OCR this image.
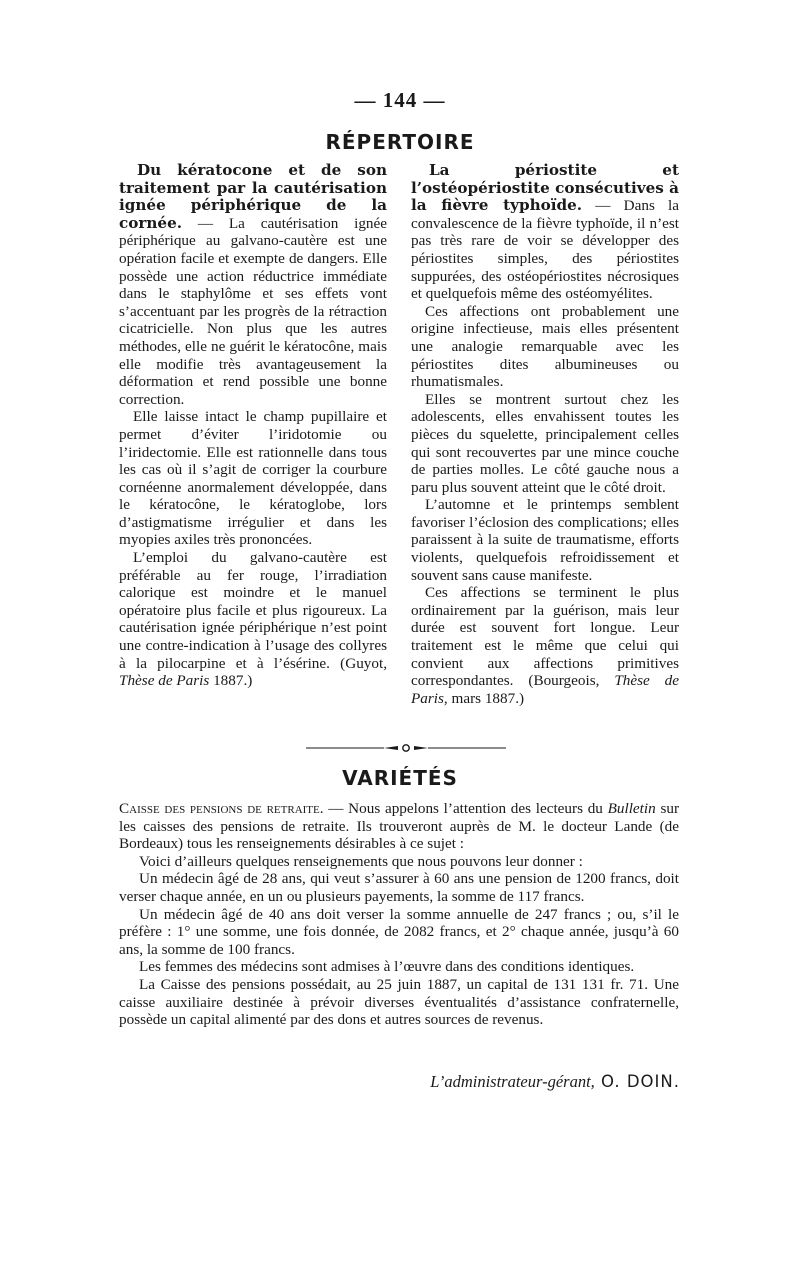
— 144 —
RÉPERTOIRE

Du kératocone et de son traitement par la cautérisation ignée périphérique de la cornée. — La cautérisation ignée périphérique au galvano-cautère est une opération facile et exempte de dangers. Elle possède une action réductrice immédiate dans le staphylôme et ses effets vont s’accentuant par les progrès de la rétraction cicatricielle. Non plus que les autres méthodes, elle ne guérit le kératocône, mais elle modifie très avantageusement la déformation et rend possible une bonne correction.

Elle laisse intact le champ pupillaire et permet d’éviter l’iridotomie ou l’iridectomie. Elle est rationnelle dans tous les cas où il s’agit de corriger la courbure cornéenne anormalement développée, dans le kératocône, le kératoglobe, lors d’astigmatisme irrégulier et dans les myopies axiles très prononcées.

L’emploi du galvano-cautère est préférable au fer rouge, l’irradiation calorique est moindre et le manuel opératoire plus facile et plus rigoureux. La cautérisation ignée périphérique n’est point une contre-indication à l’usage des collyres à la pilocarpine et à l’ésérine. (Guyot, Thèse de Paris 1887.)

La périostite et l’ostéopériostite consécutives à la fièvre typhoïde. — Dans la convalescence de la fièvre typhoïde, il n’est pas très rare de voir se développer des périostites simples, des périostites suppurées, des ostéopériostites nécrosiques et quelquefois même des ostéomyélites.

Ces affections ont probablement une origine infectieuse, mais elles présentent une analogie remarquable avec les périostites dites albumineuses ou rhumatismales.

Elles se montrent surtout chez les adolescents, elles envahissent toutes les pièces du squelette, principalement celles qui sont recouvertes par une mince couche de parties molles. Le côté gauche nous a paru plus souvent atteint que le côté droit.

L’automne et le printemps semblent favoriser l’éclosion des complications; elles paraissent à la suite de traumatisme, efforts violents, quelquefois refroidissement et souvent sans cause manifeste.

Ces affections se terminent le plus ordinairement par la guérison, mais leur durée est souvent fort longue. Leur traitement est le même que celui qui convient aux affections primitives correspondantes. (Bourgeois, Thèse de Paris, mars 1887.)

VARIÉTÉS

Caisse des pensions de retraite. — Nous appelons l’attention des lecteurs du Bulletin sur les caisses des pensions de retraite. Ils trouveront auprès de M. le docteur Lande (de Bordeaux) tous les renseignements désirables à ce sujet :

Voici d’ailleurs quelques renseignements que nous pouvons leur donner :

Un médecin âgé de 28 ans, qui veut s’assurer à 60 ans une pension de 1200 francs, doit verser chaque année, en un ou plusieurs payements, la somme de 117 francs.

Un médecin âgé de 40 ans doit verser la somme annuelle de 247 francs ; ou, s’il le préfère : 1° une somme, une fois donnée, de 2082 francs, et 2° chaque année, jusqu’à 60 ans, la somme de 100 francs.

Les femmes des médecins sont admises à l’œuvre dans des conditions identiques.

La Caisse des pensions possédait, au 25 juin 1887, un capital de 131 131 fr. 71. Une caisse auxiliaire destinée à prévoir diverses éventualités d’assistance confraternelle, possède un capital alimenté par des dons et autres sources de revenus.

L’administrateur-gérant, O. DOIN.
